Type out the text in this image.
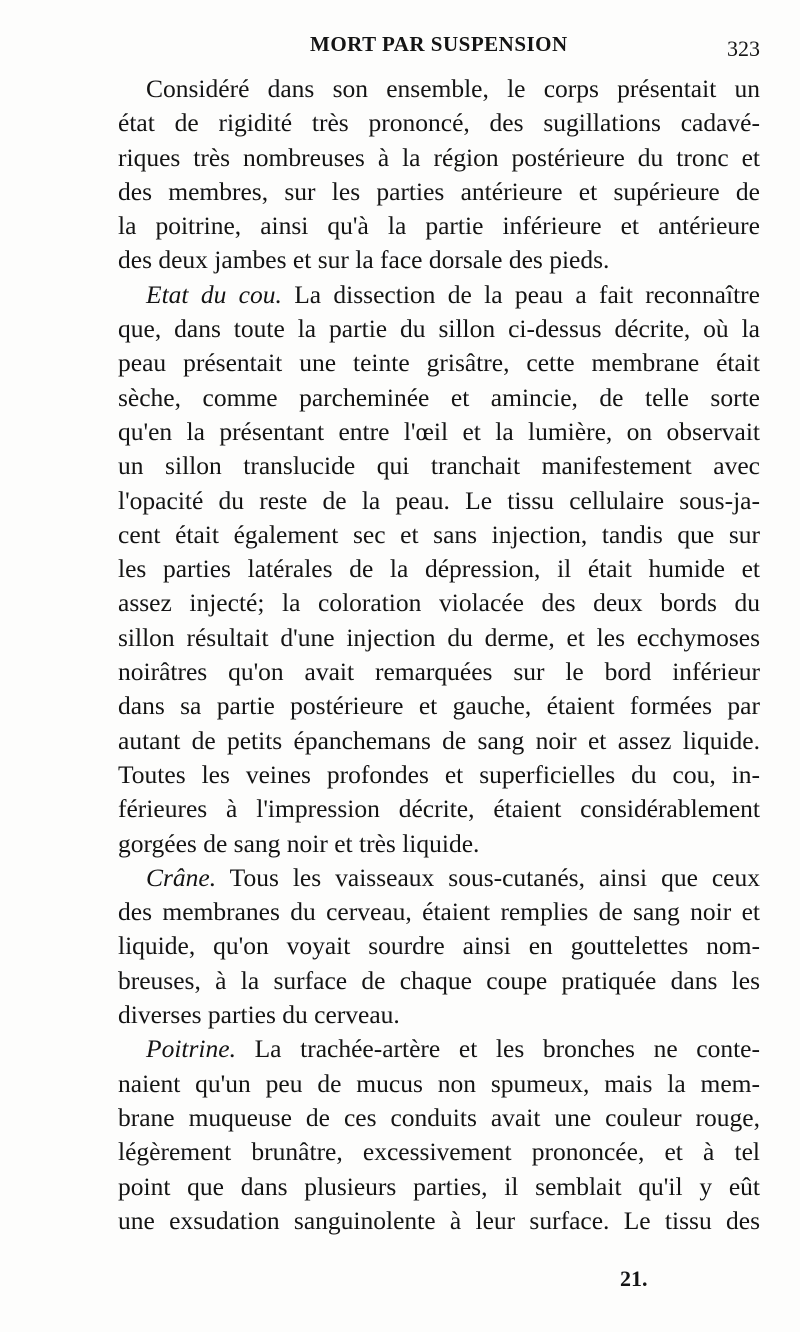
MORT PAR SUSPENSION	323
Considéré dans son ensemble, le corps présentait un
état de rigidité très prononcé, des sugillations cadavé-
riques très nombreuses à la région postérieure du tronc et
des membres, sur les parties antérieure et supérieure de
la poitrine, ainsi qu'à la partie inférieure et antérieure
des deux jambes et sur la face dorsale des pieds.
Etat du cou. La dissection de la peau a fait reconnaître
que, dans toute la partie du sillon ci-dessus décrite, où la
peau présentait une teinte grisâtre, cette membrane était
sèche, comme parcheminée et amincie, de telle sorte
qu'en la présentant entre l'œil et la lumière, on observait
un sillon translucide qui tranchait manifestement avec
l'opacité du reste de la peau. Le tissu cellulaire sous-ja-
cent était également sec et sans injection, tandis que sur
les parties latérales de la dépression, il était humide et
assez injecté; la coloration violacée des deux bords du
sillon résultait d'une injection du derme, et les ecchymoses
noirâtres qu'on avait remarquées sur le bord inférieur
dans sa partie postérieure et gauche, étaient formées par
autant de petits épanchemans de sang noir et assez liquide.
Toutes les veines profondes et superficielles du cou, in-
férieures à l'impression décrite, étaient considérablement
gorgées de sang noir et très liquide.
Crâne. Tous les vaisseaux sous-cutanés, ainsi que ceux
des membranes du cerveau, étaient remplies de sang noir et
liquide, qu'on voyait sourdre ainsi en gouttelettes nom-
breuses, à la surface de chaque coupe pratiquée dans les
diverses parties du cerveau.
Poitrine. La trachée-artère et les bronches ne conte-
naient qu'un peu de mucus non spumeux, mais la mem-
brane muqueuse de ces conduits avait une couleur rouge,
légèrement brunâtre, excessivement prononcée, et à tel
point que dans plusieurs parties, il semblait qu'il y eût
une exsudation sanguinolente à leur surface. Le tissu des
21.
